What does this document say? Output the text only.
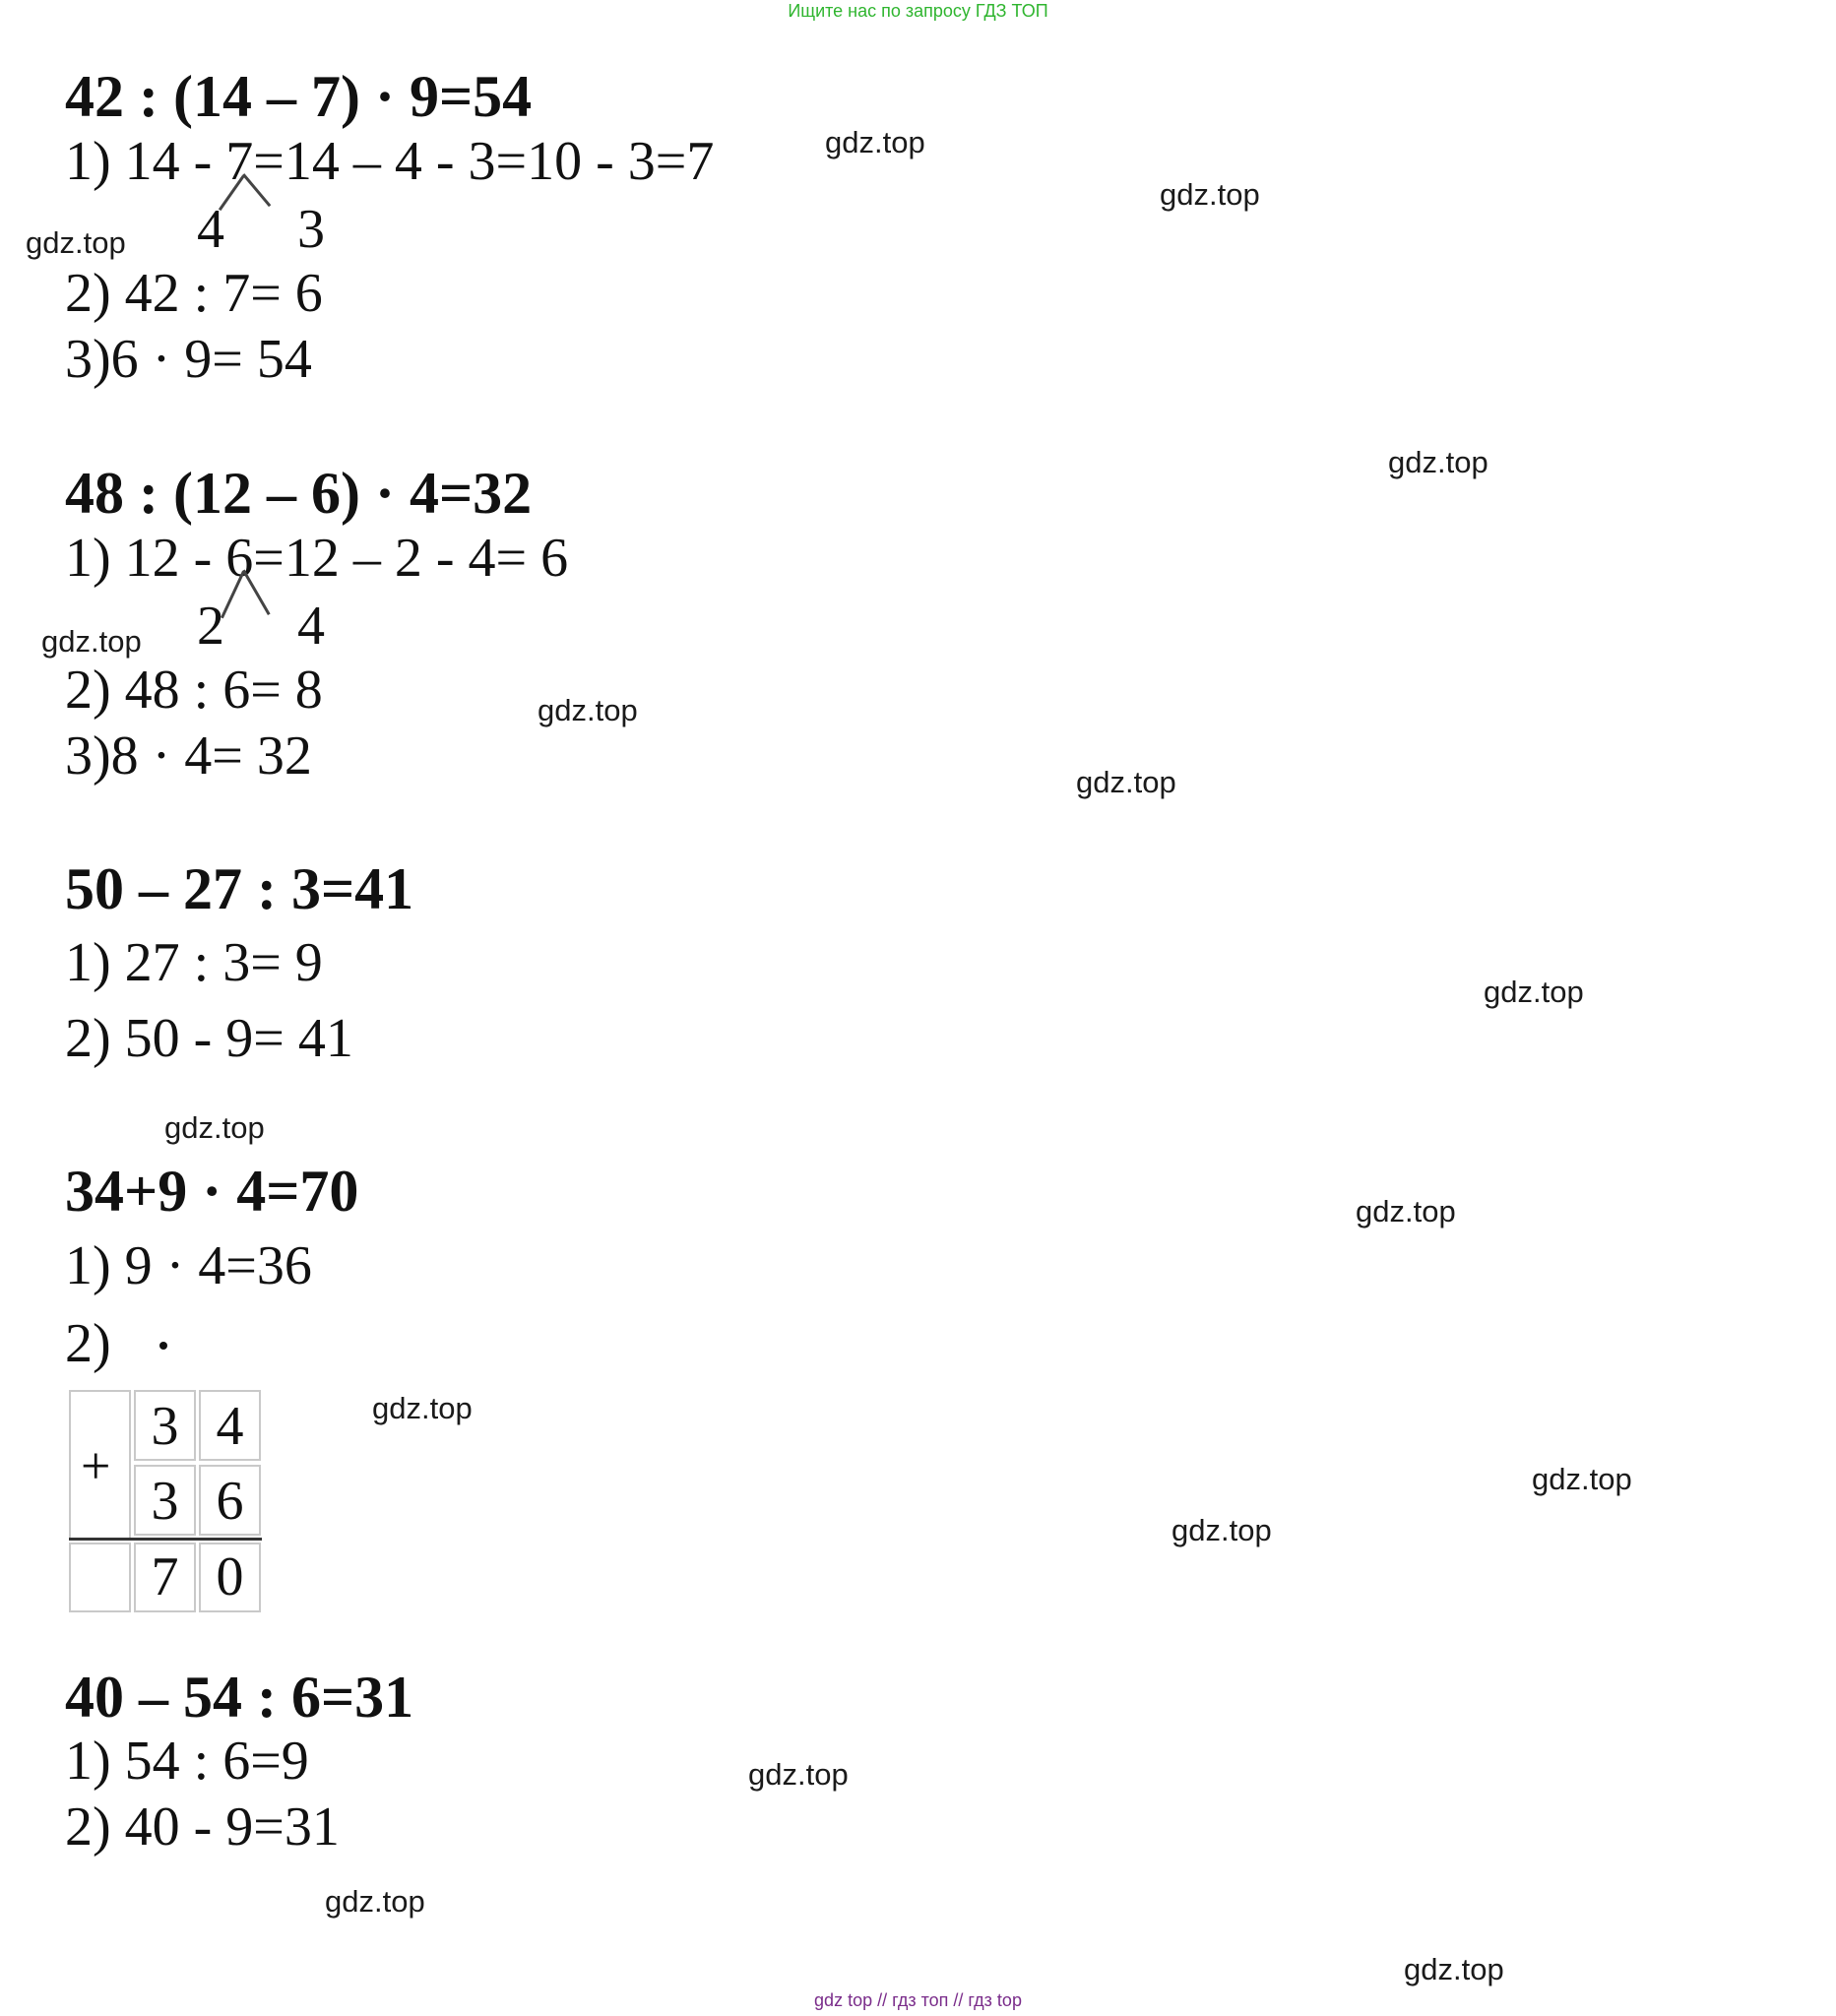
Ищите нас по запросу ГДЗ ТОП
gdz.top
gdz.top
gdz.top
gdz.top
gdz.top
gdz.top
gdz.top
gdz.top
gdz.top
gdz.top
gdz.top
gdz.top
gdz.top
gdz.top
gdz.top
gdz.top
42 : (14 – 7) · 9=54
1) 14 - 7=14 – 4 - 3=10 - 3=7
4 3
2) 42 : 7= 6
3)6 · 9= 54
48 : (12 – 6) · 4=32
1) 12 - 6=12 – 2 - 4= 6
2 4
2) 48 : 6= 8
3)8 · 4= 32
50 – 27 : 3=41
1) 27 : 3= 9
2) 50 - 9= 41
34+9 · 4=70
1) 9 · 4=36
2)
+
3 4
3 6
7 0
40 – 54 : 6=31
1) 54 : 6=9
2) 40 - 9=31
gdz top // гдз топ // гдз top
